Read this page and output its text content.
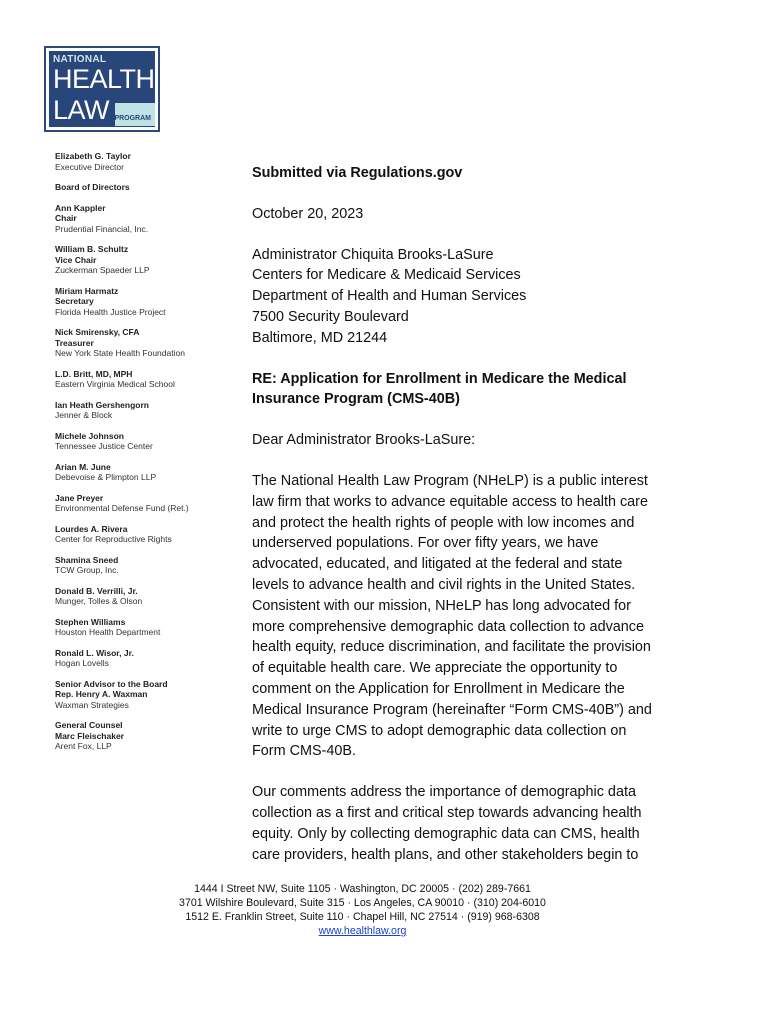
NATIONAL
HEALTH
LAW PROGRAM
Elizabeth G. Taylor
Executive Director
Board of Directors
Ann Kappler
Chair
Prudential Financial, Inc.
William B. Schultz
Vice Chair
Zuckerman Spaeder LLP
Miriam Harmatz
Secretary
Florida Health Justice Project
Nick Smirensky, CFA
Treasurer
New York State Health Foundation
L.D. Britt, MD, MPH
Eastern Virginia Medical School
Ian Heath Gershengorn
Jenner & Block
Michele Johnson
Tennessee Justice Center
Arian M. June
Debevoise & Plimpton LLP
Jane Preyer
Environmental Defense Fund (Ret.)
Lourdes A. Rivera
Center for Reproductive Rights
Shamina Sneed
TCW Group, Inc.
Donald B. Verrilli, Jr.
Munger, Tolles & Olson
Stephen Williams
Houston Health Department
Ronald L. Wisor, Jr.
Hogan Lovells
Senior Advisor to the Board
Rep. Henry A. Waxman
Waxman Strategies
General Counsel
Marc Fleischaker
Arent Fox, LLP

Submitted via Regulations.gov

October 20, 2023

Administrator Chiquita Brooks-LaSure
Centers for Medicare & Medicaid Services
Department of Health and Human Services
7500 Security Boulevard
Baltimore, MD 21244

RE: Application for Enrollment in Medicare the Medical Insurance Program (CMS-40B)

Dear Administrator Brooks-LaSure:

The National Health Law Program (NHeLP) is a public interest law firm that works to advance equitable access to health care and protect the health rights of people with low incomes and underserved populations. For over fifty years, we have advocated, educated, and litigated at the federal and state levels to advance health and civil rights in the United States. Consistent with our mission, NHeLP has long advocated for more comprehensive demographic data collection to advance health equity, reduce discrimination, and facilitate the provision of equitable health care. We appreciate the opportunity to comment on the Application for Enrollment in Medicare the Medical Insurance Program (hereinafter “Form CMS-40B”) and write to urge CMS to adopt demographic data collection on Form CMS-40B.

Our comments address the importance of demographic data collection as a first and critical step towards advancing health equity. Only by collecting demographic data can CMS, health care providers, health plans, and other stakeholders begin to

1444 I Street NW, Suite 1105 · Washington, DC 20005 · (202) 289-7661
3701 Wilshire Boulevard, Suite 315 · Los Angeles, CA 90010 · (310) 204-6010
1512 E. Franklin Street, Suite 110 · Chapel Hill, NC 27514 · (919) 968-6308
www.healthlaw.org
